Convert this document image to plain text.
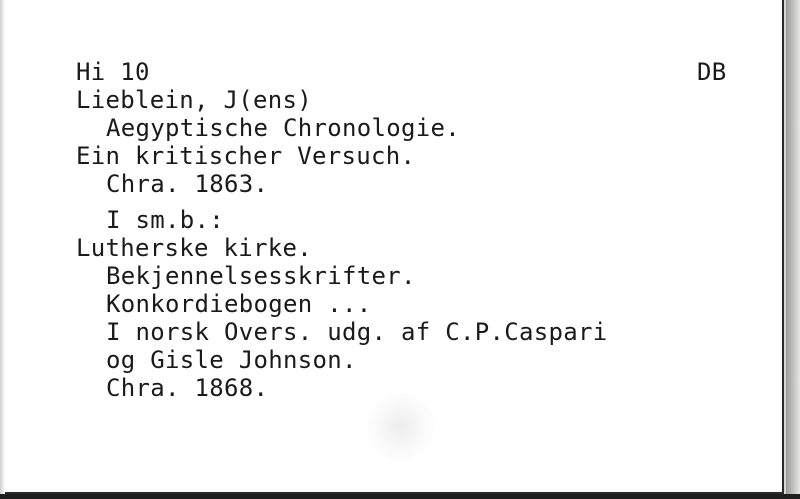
Hi 10	DB
Lieblein, J(ens)
Aegyptische Chronologie.
Ein kritischer Versuch.
Chra. 1863.
I sm.b.:
Lutherske kirke.
Bekjennelsesskrifter.
Konkordiebogen ...
I norsk Overs. udg. af C.P.Caspari
og Gisle Johnson.
Chra. 1868.
